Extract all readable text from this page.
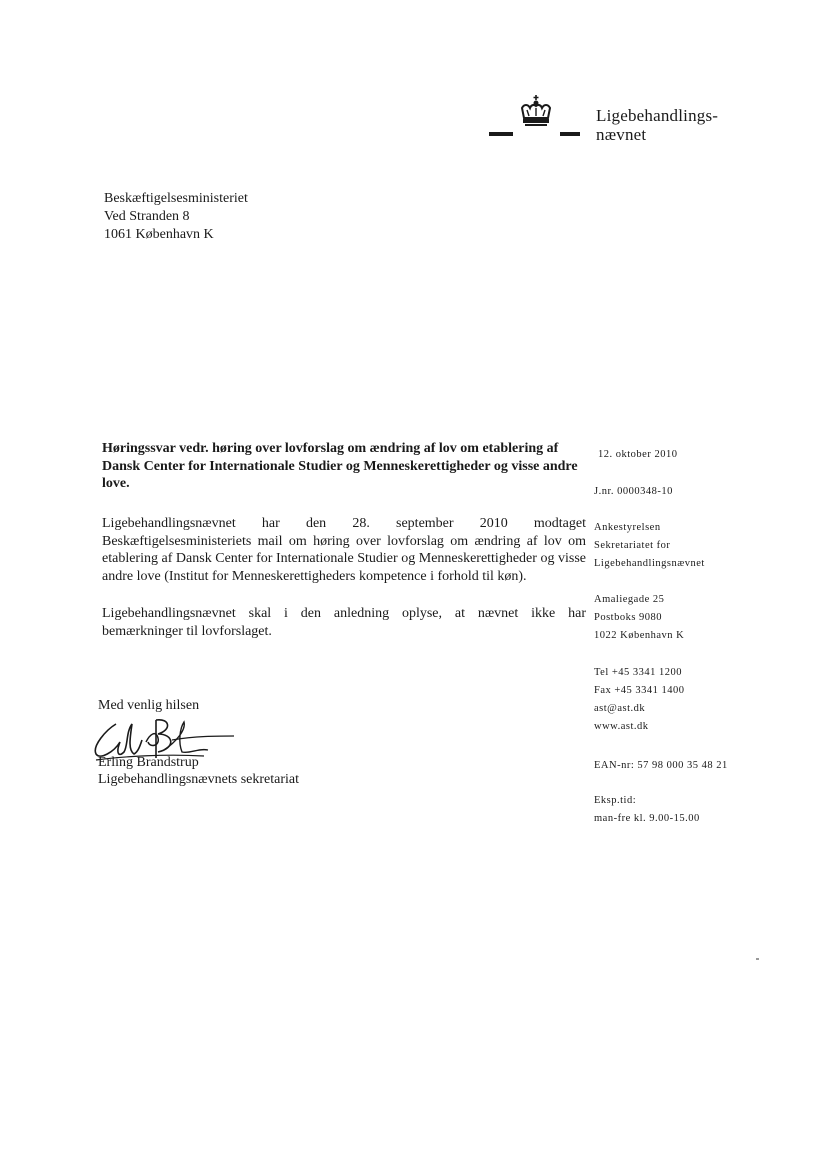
Ligebehandlings-
nævnet
Beskæftigelsesministeriet
Ved Stranden 8
1061 København K
Høringssvar vedr. høring over lovforslag om ændring af lov om etablering af Dansk Center for Internationale Studier og Menneskerettigheder og visse andre love.
Ligebehandlingsnævnet har den 28. september 2010 modtaget Beskæftigelsesministeriets mail om høring over lovforslag om ændring af lov om etablering af Dansk Center for Internationale Studier og Menneskerettigheder og visse andre love (Institut for Menneskerettigheders kompetence i forhold til køn).
Ligebehandlingsnævnet skal i den anledning oplyse, at nævnet ikke har bemærkninger til lovforslaget.
Med venlig hilsen
Erling Brandstrup
Ligebehandlingsnævnets sekretariat
12. oktober 2010
J.nr. 0000348-10
Ankestyrelsen
Sekretariatet for
Ligebehandlingsnævnet
Amaliegade 25
Postboks 9080
1022 København K
Tel +45 3341 1200
Fax +45 3341 1400
ast@ast.dk
www.ast.dk
EAN-nr: 57 98 000 35 48 21
Eksp.tid:
man-fre kl. 9.00-15.00
